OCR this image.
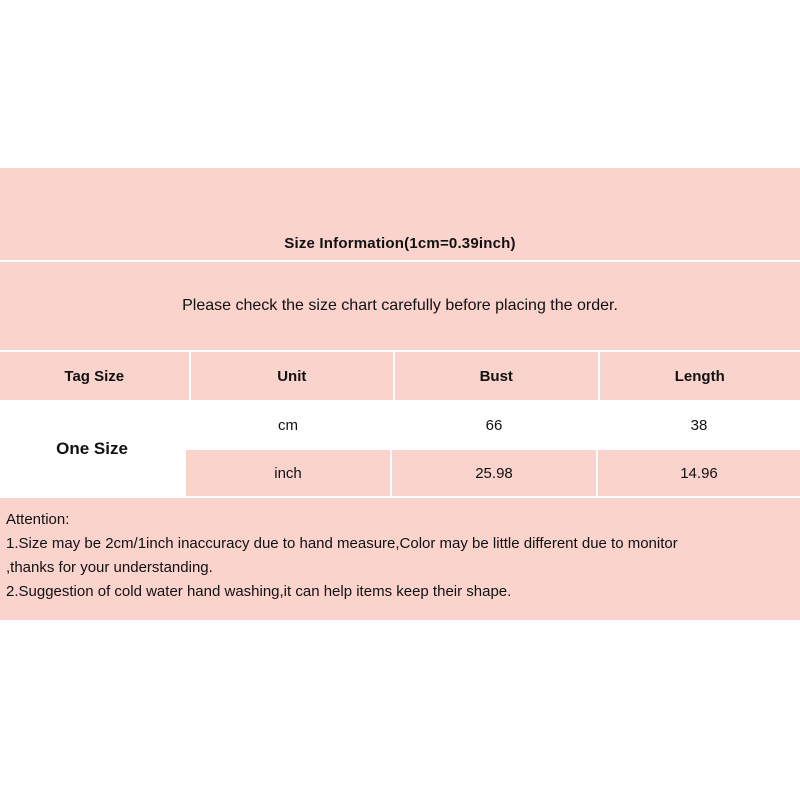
Size Information(1cm=0.39inch)
Please check the size chart carefully before placing the order.
Tag Size	Unit	Bust	Length
One Size
cm	66	38
inch	25.98	14.96
Attention:
1.Size may be 2cm/1inch inaccuracy due to hand measure,Color may be little different due to monitor
,thanks for your understanding.
2.Suggestion of cold water hand washing,it can help items keep their shape.
